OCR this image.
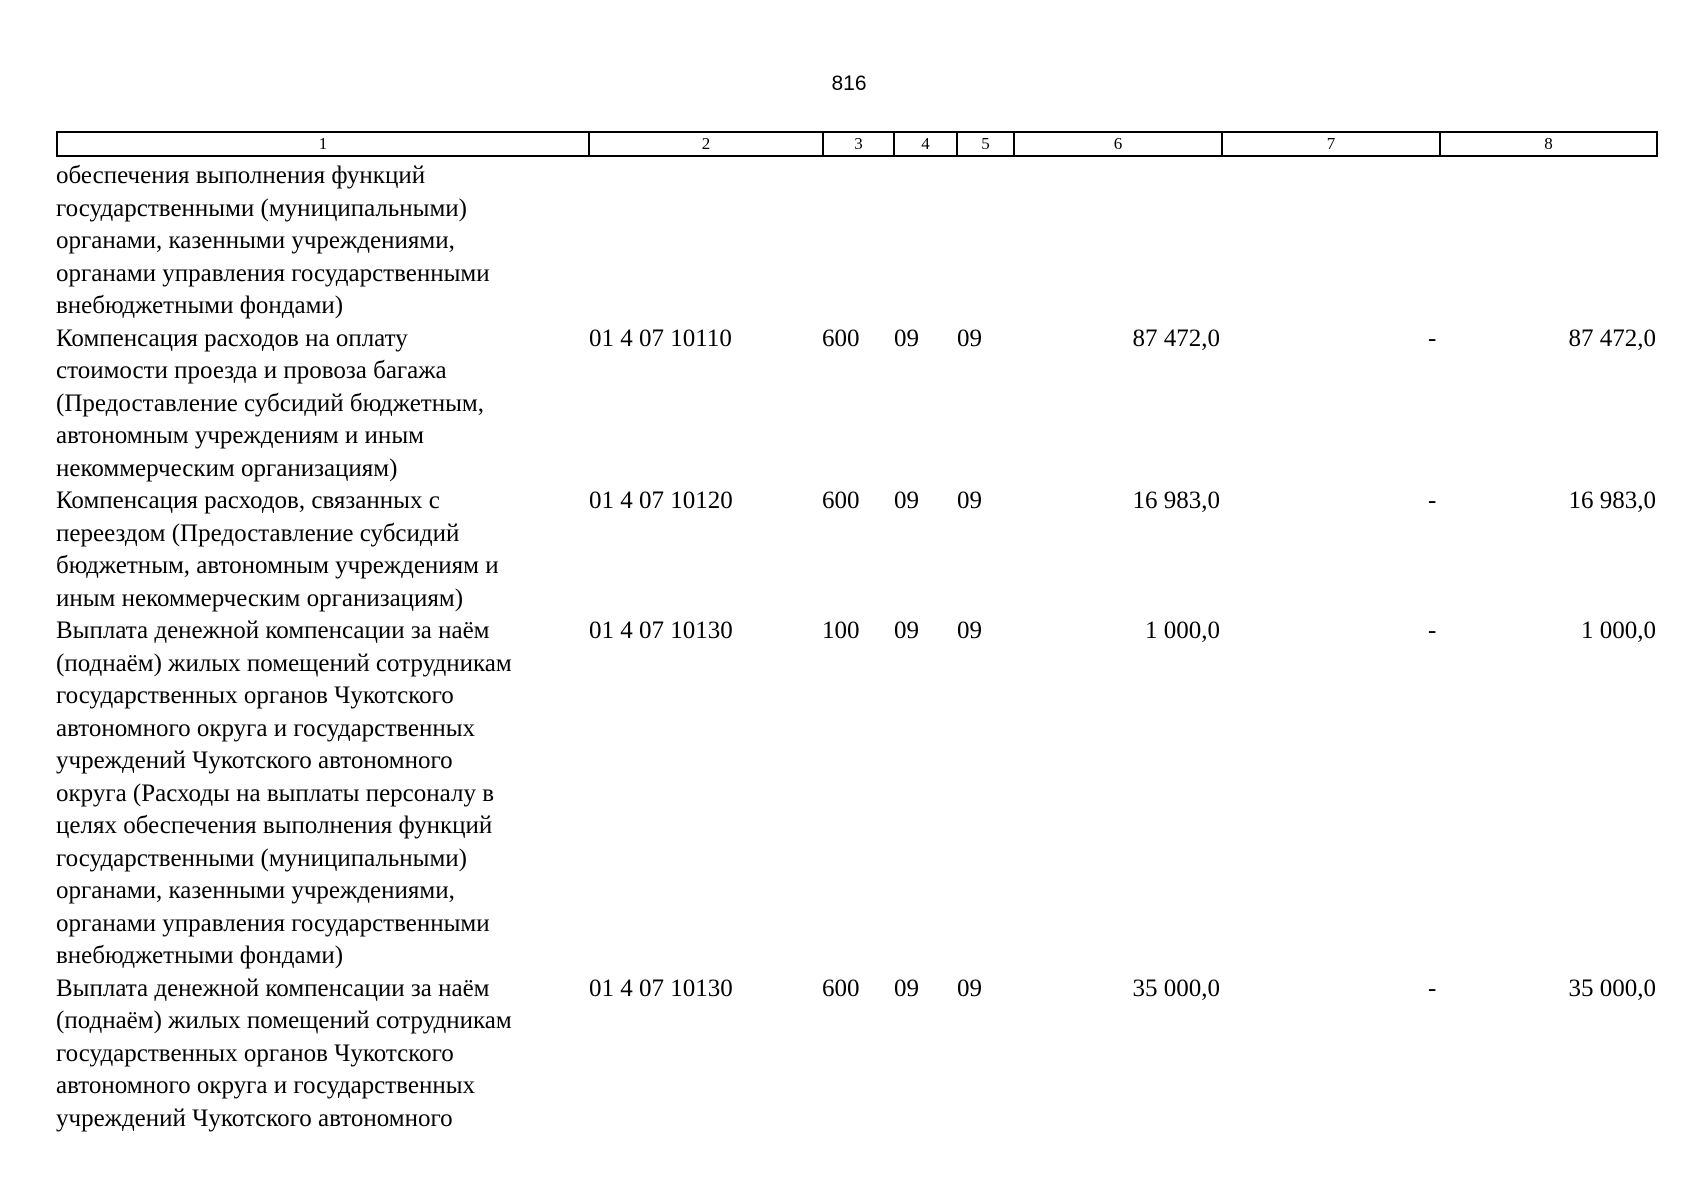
816
1	2	3	4	5	6	7	8
обеспечения выполнения функций
государственными (муниципальными)
органами, казенными учреждениями,
органами управления государственными
внебюджетными фондами)
Компенсация расходов на оплату
стоимости проезда и провоза багажа
(Предоставление субсидий бюджетным,
автономным учреждениям и иным
некоммерческим организациям)
01 4 07 10110	600 09 09	87 472,0	-	87 472,0
Компенсация расходов, связанных с
переездом (Предоставление субсидий
бюджетным, автономным учреждениям и
иным некоммерческим организациям)
01 4 07 10120	600 09 09	16 983,0	-	16 983,0
Выплата денежной компенсации за наём
(поднаём) жилых помещений сотрудникам
государственных органов Чукотского
автономного округа и государственных
учреждений Чукотского автономного
округа (Расходы на выплаты персоналу в
целях обеспечения выполнения функций
государственными (муниципальными)
органами, казенными учреждениями,
органами управления государственными
внебюджетными фондами)
01 4 07 10130	100 09 09	1 000,0	-	1 000,0
Выплата денежной компенсации за наём
(поднаём) жилых помещений сотрудникам
государственных органов Чукотского
автономного округа и государственных
учреждений Чукотского автономного
01 4 07 10130	600 09 09	35 000,0	-	35 000,0
